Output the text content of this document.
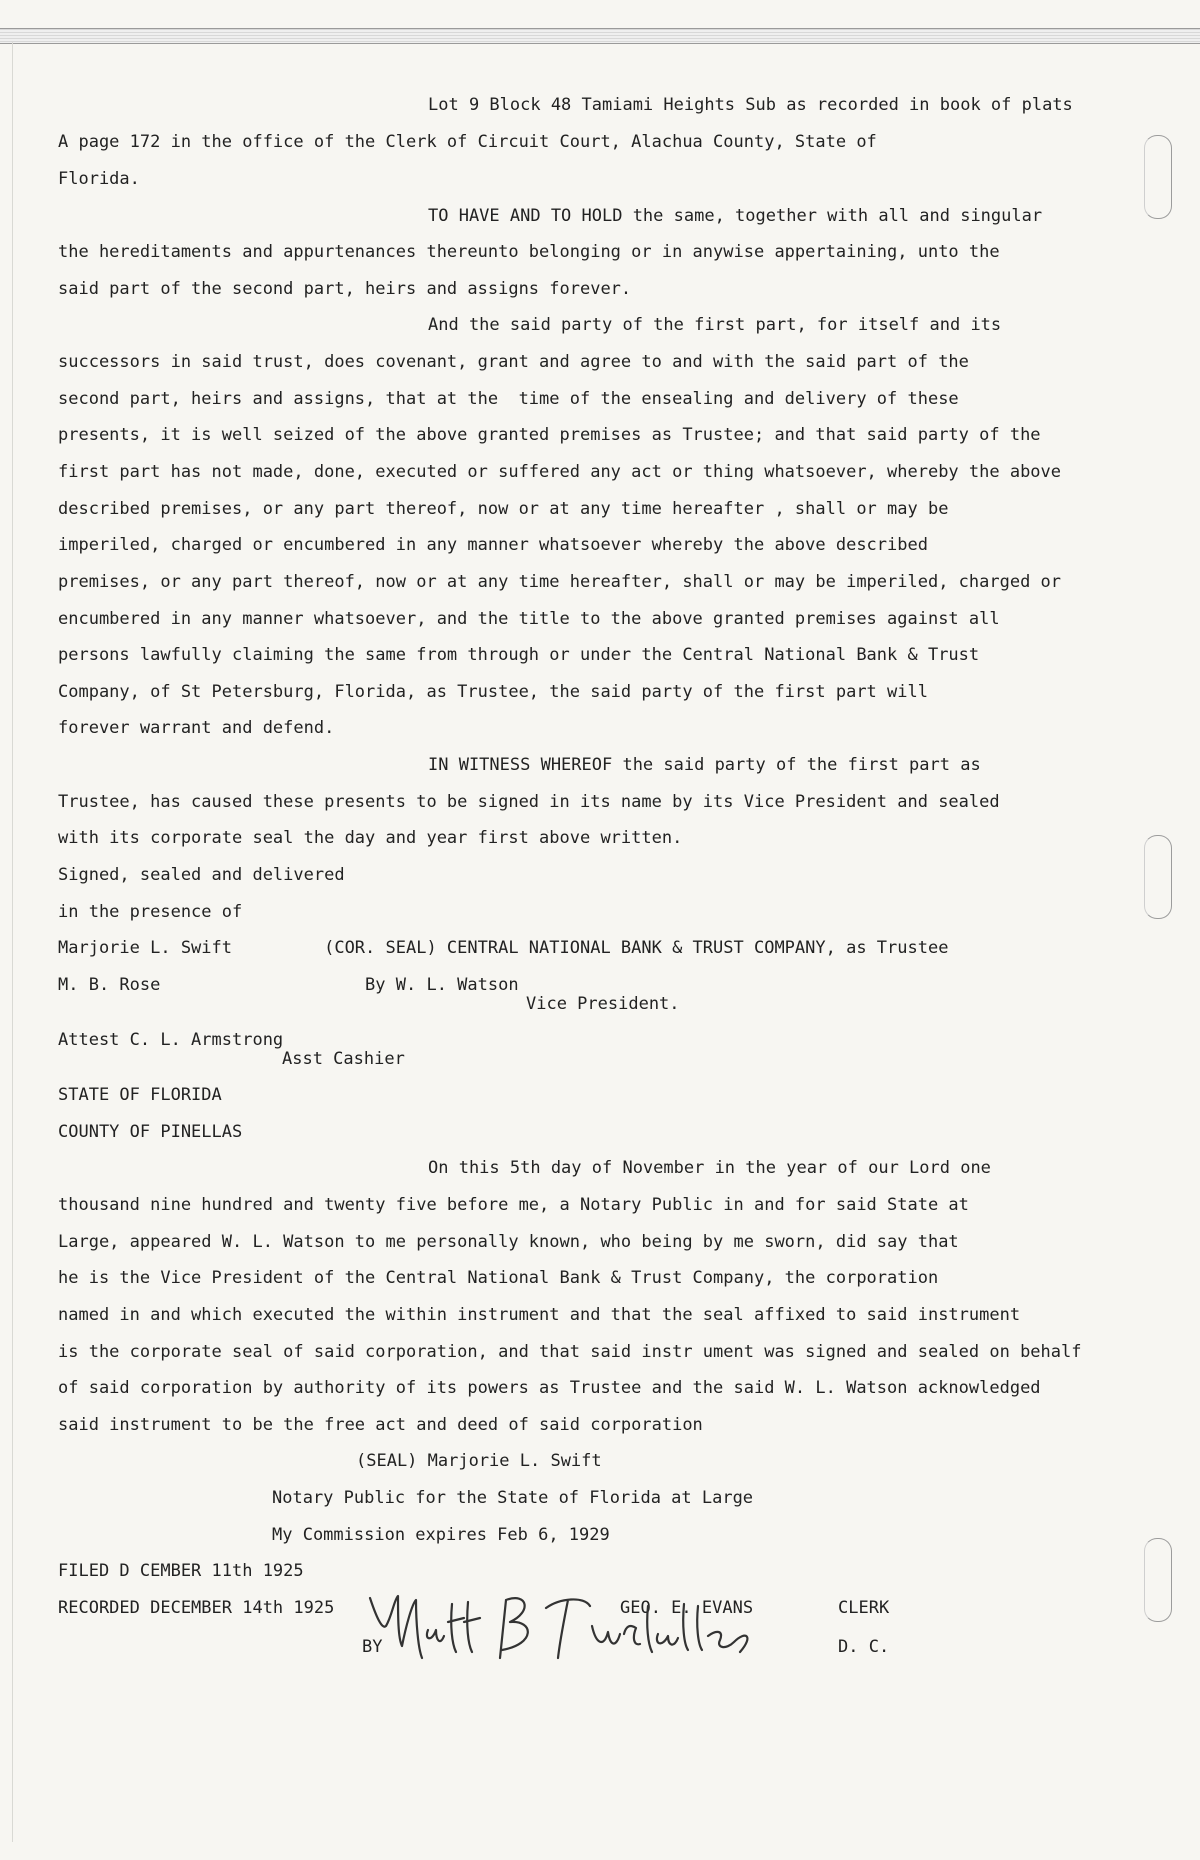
Lot 9 Block 48 Tamiami Heights Sub as recorded in book of plats
A page 172 in the office of the Clerk of Circuit Court, Alachua County, State of
Florida.
TO HAVE AND TO HOLD the same, together with all and singular
the hereditaments and appurtenances thereunto belonging or in anywise appertaining, unto the
said part of the second part, heirs and assigns forever.
And the said party of the first part, for itself and its
successors in said trust, does covenant, grant and agree to and with the said part of the
second part, heirs and assigns, that at the  time of the ensealing and delivery of these
presents, it is well seized of the above granted premises as Trustee; and that said party of the
first part has not made, done, executed or suffered any act or thing whatsoever, whereby the above
described premises, or any part thereof, now or at any time hereafter , shall or may be
imperiled, charged or encumbered in any manner whatsoever whereby the above described
premises, or any part thereof, now or at any time hereafter, shall or may be imperiled, charged or
encumbered in any manner whatsoever, and the title to the above granted premises against all
persons lawfully claiming the same from through or under the Central National Bank & Trust
Company, of St Petersburg, Florida, as Trustee, the said party of the first part will
forever warrant and defend.
IN WITNESS WHEREOF the said party of the first part as
Trustee, has caused these presents to be signed in its name by its Vice President and sealed
with its corporate seal the day and year first above written.
Signed, sealed and delivered
in the presence of
Marjorie L. Swift         (COR. SEAL) CENTRAL NATIONAL BANK & TRUST COMPANY, as Trustee
M. B. Rose                    By W. L. Watson
Vice President.
Attest C. L. Armstrong
Asst Cashier
STATE OF FLORIDA
COUNTY OF PINELLAS
On this 5th day of November in the year of our Lord one
thousand nine hundred and twenty five before me, a Notary Public in and for said State at
Large, appeared W. L. Watson to me personally known, who being by me sworn, did say that
he is the Vice President of the Central National Bank & Trust Company, the corporation
named in and which executed the within instrument and that the seal affixed to said instrument
is the corporate seal of said corporation, and that said instr ument was signed and sealed on behalf
of said corporation by authority of its powers as Trustee and the said W. L. Watson acknowledged
said instrument to be the free act and deed of said corporation
(SEAL) Marjorie L. Swift
Notary Public for the State of Florida at Large
My Commission expires Feb 6, 1929
FILED D CEMBER 11th 1925
RECORDED DECEMBER 14th 1925	GEO. E. EVANS	CLERK
BY	D. C.
